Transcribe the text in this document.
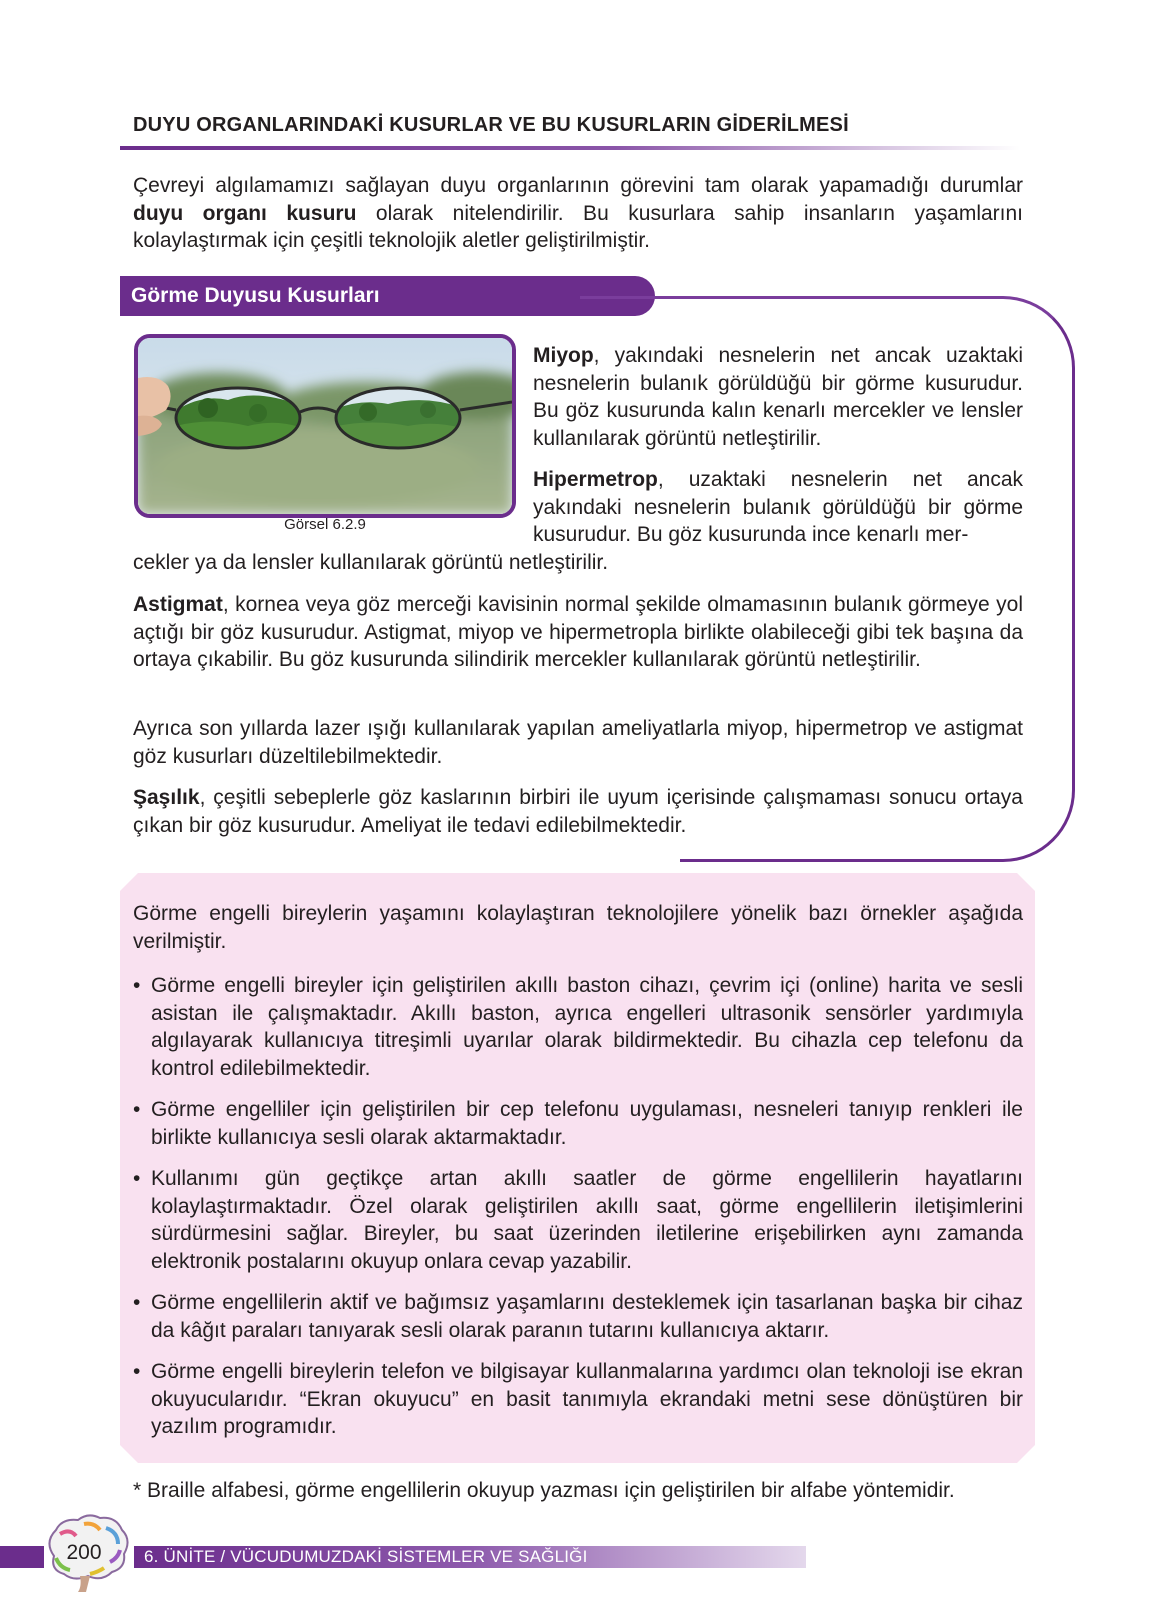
DUYU ORGANLARINDAKİ KUSURLAR VE BU KUSURLARIN GİDERİLMESİ

Çevreyi algılamamızı sağlayan duyu organlarının görevini tam olarak yapamadığı durumlar duyu organı kusuru olarak nitelendirilir. Bu kusurlara sahip insanların yaşamlarını kolaylaştırmak için çeşitli teknolojik aletler geliştirilmiştir.

Görme Duyusu Kusurları
Görsel 6.2.9

Miyop, yakındaki nesnelerin net ancak uzaktaki nesnelerin bulanık görüldüğü bir görme kusurudur. Bu göz kusurunda kalın kenarlı mercekler ve lensler kullanılarak görüntü netleştirilir.

Hipermetrop, uzaktaki nesnelerin net ancak yakındaki nesnelerin bulanık görüldüğü bir görme kusurudur. Bu göz kusurunda ince kenarlı mer-

cekler ya da lensler kullanılarak görüntü netleştirilir.

Astigmat, kornea veya göz merceği kavisinin normal şekilde olmamasının bulanık görmeye yol açtığı bir göz kusurudur. Astigmat, miyop ve hipermetropla birlikte olabileceği gibi tek başına da ortaya çıkabilir. Bu göz kusurunda silindirik mercekler kullanılarak görüntü netleştirilir.

Ayrıca son yıllarda lazer ışığı kullanılarak yapılan ameliyatlarla miyop, hipermetrop ve astigmat göz kusurları düzeltilebilmektedir.

Şaşılık, çeşitli sebeplerle göz kaslarının birbiri ile uyum içerisinde çalışmaması sonucu ortaya çıkan bir göz kusurudur. Ameliyat ile tedavi edilebilmektedir.

Görme engelli bireylerin yaşamını kolaylaştıran teknolojilere yönelik bazı örnekler aşağıda verilmiştir.

• Görme engelli bireyler için geliştirilen akıllı baston cihazı, çevrim içi (online) harita ve sesli asistan ile çalışmaktadır. Akıllı baston, ayrıca engelleri ultrasonik sensörler yardımıyla algılayarak kullanıcıya titreşimli uyarılar olarak bildirmektedir. Bu cihazla cep telefonu da kontrol edilebilmektedir.

• Görme engelliler için geliştirilen bir cep telefonu uygulaması, nesneleri tanıyıp renkleri ile birlikte kullanıcıya sesli olarak aktarmaktadır.

• Kullanımı gün geçtikçe artan akıllı saatler de görme engellilerin hayatlarını kolaylaştırmaktadır. Özel olarak geliştirilen akıllı saat, görme engellilerin iletişimlerini sürdürmesini sağlar. Bireyler, bu saat üzerinden iletilerine erişebilirken aynı zamanda elektronik postalarını okuyup onlara cevap yazabilir.

• Görme engellilerin aktif ve bağımsız yaşamlarını desteklemek için tasarlanan başka bir cihaz da kâğıt paraları tanıyarak sesli olarak paranın tutarını kullanıcıya aktarır.

• Görme engelli bireylerin telefon ve bilgisayar kullanmalarına yardımcı olan teknoloji ise ekran okuyucularıdır. “Ekran okuyucu” en basit tanımıyla ekrandaki metni sese dönüştüren bir yazılım programıdır.

* Braille alfabesi, görme engellilerin okuyup yazması için geliştirilen bir alfabe yöntemidir.

200	6. ÜNİTE / VÜCUDUMUZDAKİ SİSTEMLER VE SAĞLIĞI
